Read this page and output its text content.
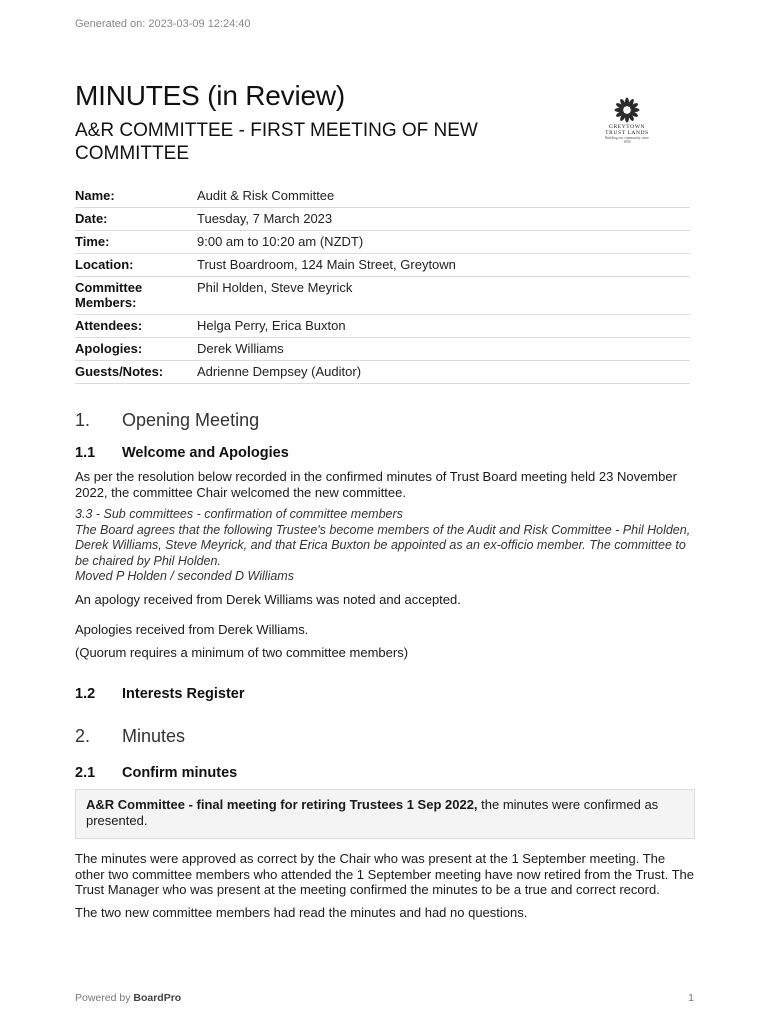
Generated on: 2023-03-09 12:24:40
MINUTES (in Review)
A&R COMMITTEE - FIRST MEETING OF NEW COMMITTEE
GREYTOWN
TRUST LANDS
Building our community since 1856
Name:	Audit & Risk Committee
Date:	Tuesday, 7 March 2023
Time:	9:00 am to 10:20 am (NZDT)
Location:	Trust Boardroom, 124 Main Street, Greytown
Committee Members:
Phil Holden, Steve Meyrick
Attendees:	Helga Perry, Erica Buxton
Apologies:	Derek Williams
Guests/Notes:	Adrienne Dempsey (Auditor)
1.	Opening Meeting
1.1	Welcome and Apologies

As per the resolution below recorded in the confirmed minutes of Trust Board meeting held 23 November 2022, the committee Chair welcomed the new committee.

3.3 - Sub committees - confirmation of committee members
The Board agrees that the following Trustee's become members of the Audit and Risk Committee - Phil Holden, Derek Williams, Steve Meyrick, and that Erica Buxton be appointed as an ex-officio member. The committee to be chaired by Phil Holden.
Moved P Holden / seconded D Williams

An apology received from Derek Williams was noted and accepted.

Apologies received from Derek Williams.

(Quorum requires a minimum of two committee members)

1.2	Interests Register
2.	Minutes
2.1	Confirm minutes
A&R Committee - final meeting for retiring Trustees 1 Sep 2022, the minutes were confirmed as presented.

The minutes were approved as correct by the Chair who was present at the 1 September meeting. The other two committee members who attended the 1 September meeting have now retired from the Trust. The Trust Manager who was present at the meeting confirmed the minutes to be a true and correct record.

The two new committee members had read the minutes and had no questions.

Powered by BoardPro	1
